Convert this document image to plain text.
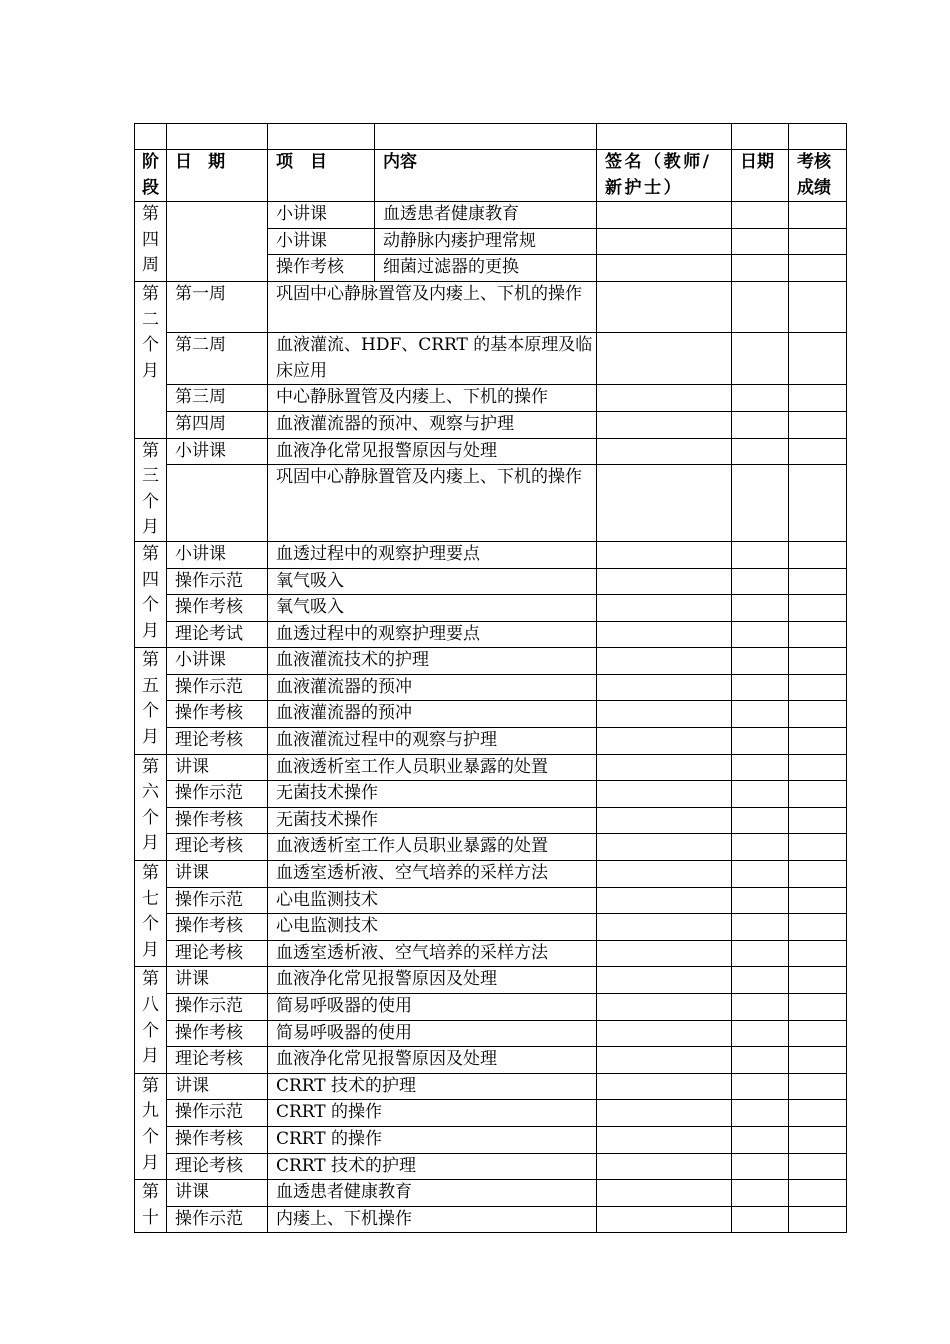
阶段	日 期	项　目	内容	签名（教师/新护士）	日期	考核成绩

第四周		小讲课	血透患者健康教育			
		小讲课	动静脉内瘘护理常规			
		操作考核	细菌过滤器的更换			

第二个月	第一周	巩固中心静脉置管及内瘘上、下机的操作				
	第二周	血液灌流、HDF、CRRT 的基本原理及临床应用				
	第三周	中心静脉置管及内瘘上、下机的操作				
	第四周	血液灌流器的预冲、观察与护理				

第三个月	小讲课	血液净化常见报警原因与处理				
		巩固中心静脉置管及内瘘上、下机的操作				

第四个月	小讲课	血透过程中的观察护理要点				
	操作示范	氧气吸入				
	操作考核	氧气吸入				
	理论考试	血透过程中的观察护理要点				

第五个月	小讲课	血液灌流技术的护理				
	操作示范	血液灌流器的预冲				
	操作考核	血液灌流器的预冲				
	理论考核	血液灌流过程中的观察与护理				

第六个月	讲课	血液透析室工作人员职业暴露的处置				
	操作示范	无菌技术操作				
	操作考核	无菌技术操作				
	理论考核	血液透析室工作人员职业暴露的处置				

第七个月	讲课	血透室透析液、空气培养的采样方法				
	操作示范	心电监测技术				
	操作考核	心电监测技术				
	理论考核	血透室透析液、空气培养的采样方法				

第八个月	讲课	血液净化常见报警原因及处理				
	操作示范	简易呼吸器的使用				
	操作考核	简易呼吸器的使用				
	理论考核	血液净化常见报警原因及处理				

第九个月	讲课	CRRT 技术的护理				
	操作示范	CRRT 的操作				
	操作考核	CRRT 的操作				
	理论考核	CRRT 技术的护理				

第十	讲课	血透患者健康教育				
	操作示范	内瘘上、下机操作				
